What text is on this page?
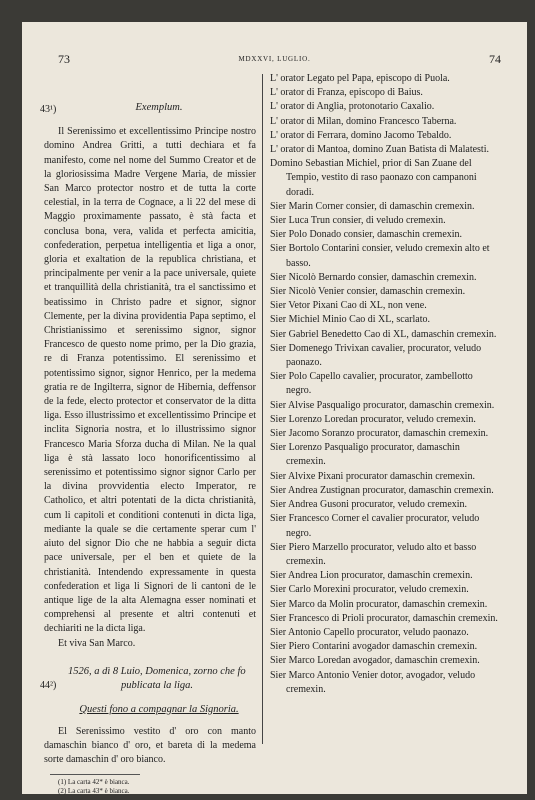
73	MDXXVI, LUGLIO.	74
43¹)	Exemplum.

Il Serenissimo et excellentissimo Principe nostro domino Andrea Gritti, a tutti dechiara et fa manifesto, come nel nome del Summo Creator et de la gloriosissima Madre Vergene Maria, de missier San Marco protector nostro et de tutta la corte celestial, in la terra de Cognace, a li 22 del mese di Maggio proximamente passato, è stà facta et conclusa bona, vera, valida et perfecta amicitia, confederation, perpetua intelligentia et liga a onor, gloria et exaltation de la republica christiana, et principalmente per venir a la pace universale, quiete et tranquillità della christianità, tra el sanctissimo et beatissimo in Christo padre et signor, signor Clemente, per la divina providentia Papa septimo, el Christianissimo et serenissimo signor, signor Francesco de questo nome primo, per la Dio grazia, re di Franza potentissimo. El serenissimo et potentissimo signor, signor Henrico, per la medema gratia re de Ingilterra, signor de Hibernia, deffensor de la fede, electo protector et conservator de la ditta liga. Esso illustrissimo et excellentissimo Principe et inclita Signoria nostra, et lo illustrissimo signor Francesco Maria Sforza ducha di Milan. Ne la qual liga è stà lassato loco honorificentissimo al serenissimo et potentissimo signor signor Carlo per la divina provvidentia electo Imperator, re Catholico, et altri potentati de la dicta christianità, cum li capitoli et conditioni contenuti in dicta liga, mediante la quale se die certamente sperar cum l' aiuto del signor Dio che ne habbia a seguir dicta pace universale, per el ben et quiete de la christianità. Intendendo expressamente in questa confederation et liga li Signori de li cantoni de le antique lige de la alta Alemagna esser nominati et comprehensi al presente et altri contenuti et dechiariti ne la dicta liga.

Et viva San Marco.

44²)
1526, a dì 8 Luio, Domenica, zorno che fo
publicata la liga.
Questi fono a compagnar la Signoria.

El Serenissimo vestito d' oro con manto damaschin bianco d' oro, et bareta di la medema sorte damaschin d' oro bianco.

(1) La carta 42* è bianca.
(2) La carta 43* è bianca.
L' orator Legato pel Papa, episcopo di Puola.
L' orator di Franza, episcopo di Baius.
L' orator di Anglia, protonotario Caxalio.
L' orator di Milan, domino Francesco Taberna.
L' orator di Ferrara, domino Jacomo Tebaldo.
L' orator di Mantoa, domino Zuan Batista di Malatesti.
Domino Sebastian Michiel, prior di San Zuane del Tempio, vestito di raso paonazo con campanoni doradi.
Sier Marin Corner consier, di damaschin cremexin.
Sier Luca Trun consier, di veludo cremexin.
Sier Polo Donado consier, damaschin cremexin.
Sier Bortolo Contarini consier, veludo cremexin alto et basso.
Sier Nicolò Bernardo consier, damaschin cremexin.
Sier Nicolò Venier consier, damaschin cremexin.
Sier Vetor Pixani Cao di XL, non vene.
Sier Michiel Minio Cao di XL, scarlato.
Sier Gabriel Benedetto Cao di XL, damaschin cremexin.
Sier Domenego Trivixan cavalier, procurator, veludo paonazo.
Sier Polo Capello cavalier, procurator, zambellotto negro.
Sier Alvise Pasqualigo procurator, damaschin cremexin.
Sier Lorenzo Loredan procurator, veludo cremexin.
Sier Jacomo Soranzo procurator, damaschin cremexin.
Sier Lorenzo Pasqualigo procurator, damaschin cremexin.
Sier Alvixe Pixani procurator damaschin cremexin.
Sier Andrea Zustignan procurator, damaschin cremexin.
Sier Andrea Gusoni procurator, veludo cremexin.
Sier Francesco Corner el cavalier procurator, veludo negro.
Sier Piero Marzello procurator, veludo alto et basso cremexin.
Sier Andrea Lion procurator, damaschin cremexin.
Sier Carlo Morexini procurator, veludo cremexin.
Sier Marco da Molin procurator, damaschin cremexin.
Sier Francesco di Prioli procurator, damaschin cremexin.
Sier Antonio Capello procurator, veludo paonazo.
Sier Piero Contarini avogador damaschin cremexin.
Sier Marco Loredan avogador, damaschin cremexin.
Sier Marco Antonio Venier dotor, avogador, veludo cremexin.
